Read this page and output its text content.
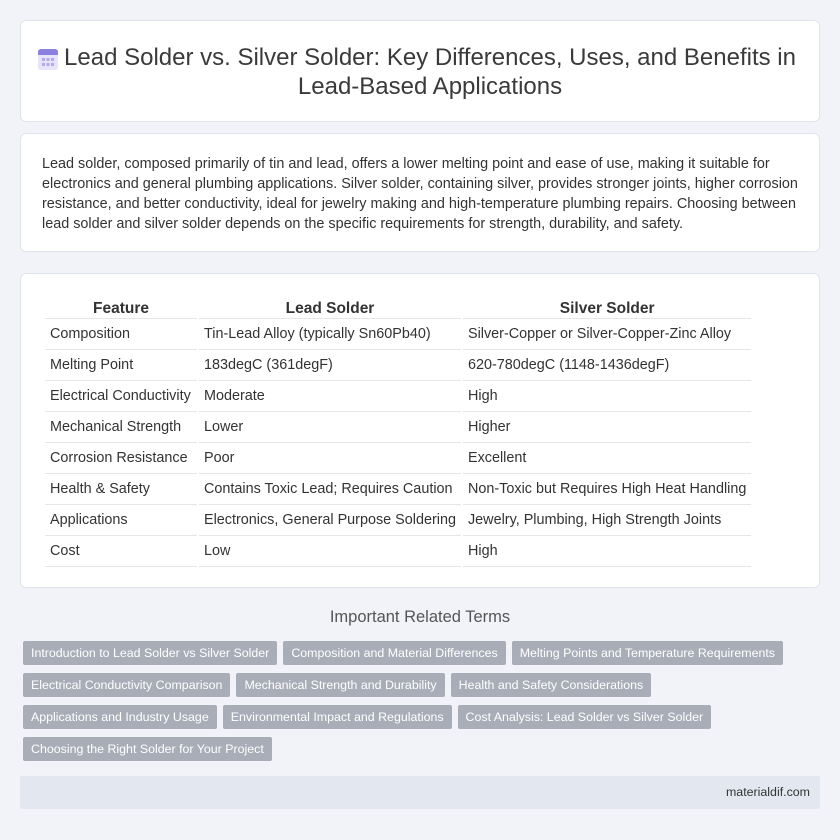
Lead Solder vs. Silver Solder: Key Differences, Uses, and Benefits in Lead-Based Applications

Lead solder, composed primarily of tin and lead, offers a lower melting point and ease of use, making it suitable for electronics and general plumbing applications. Silver solder, containing silver, provides stronger joints, higher corrosion resistance, and better conductivity, ideal for jewelry making and high-temperature plumbing repairs. Choosing between lead solder and silver solder depends on the specific requirements for strength, durability, and safety.

Feature	Lead Solder	Silver Solder
Composition	Tin-Lead Alloy (typically Sn60Pb40)	Silver-Copper or Silver-Copper-Zinc Alloy
Melting Point	183degC (361degF)	620-780degC (1148-1436degF)
Electrical Conductivity	Moderate	High
Mechanical Strength	Lower	Higher
Corrosion Resistance	Poor	Excellent
Health & Safety	Contains Toxic Lead; Requires Caution	Non-Toxic but Requires High Heat Handling
Applications	Electronics, General Purpose Soldering	Jewelry, Plumbing, High Strength Joints
Cost	Low	High
Important Related Terms
Introduction to Lead Solder vs Silver Solder	Composition and Material Differences	Melting Points and Temperature Requirements
Electrical Conductivity Comparison	Mechanical Strength and Durability	Health and Safety Considerations
Applications and Industry Usage	Environmental Impact and Regulations	Cost Analysis: Lead Solder vs Silver Solder
Choosing the Right Solder for Your Project
materialdif.com
